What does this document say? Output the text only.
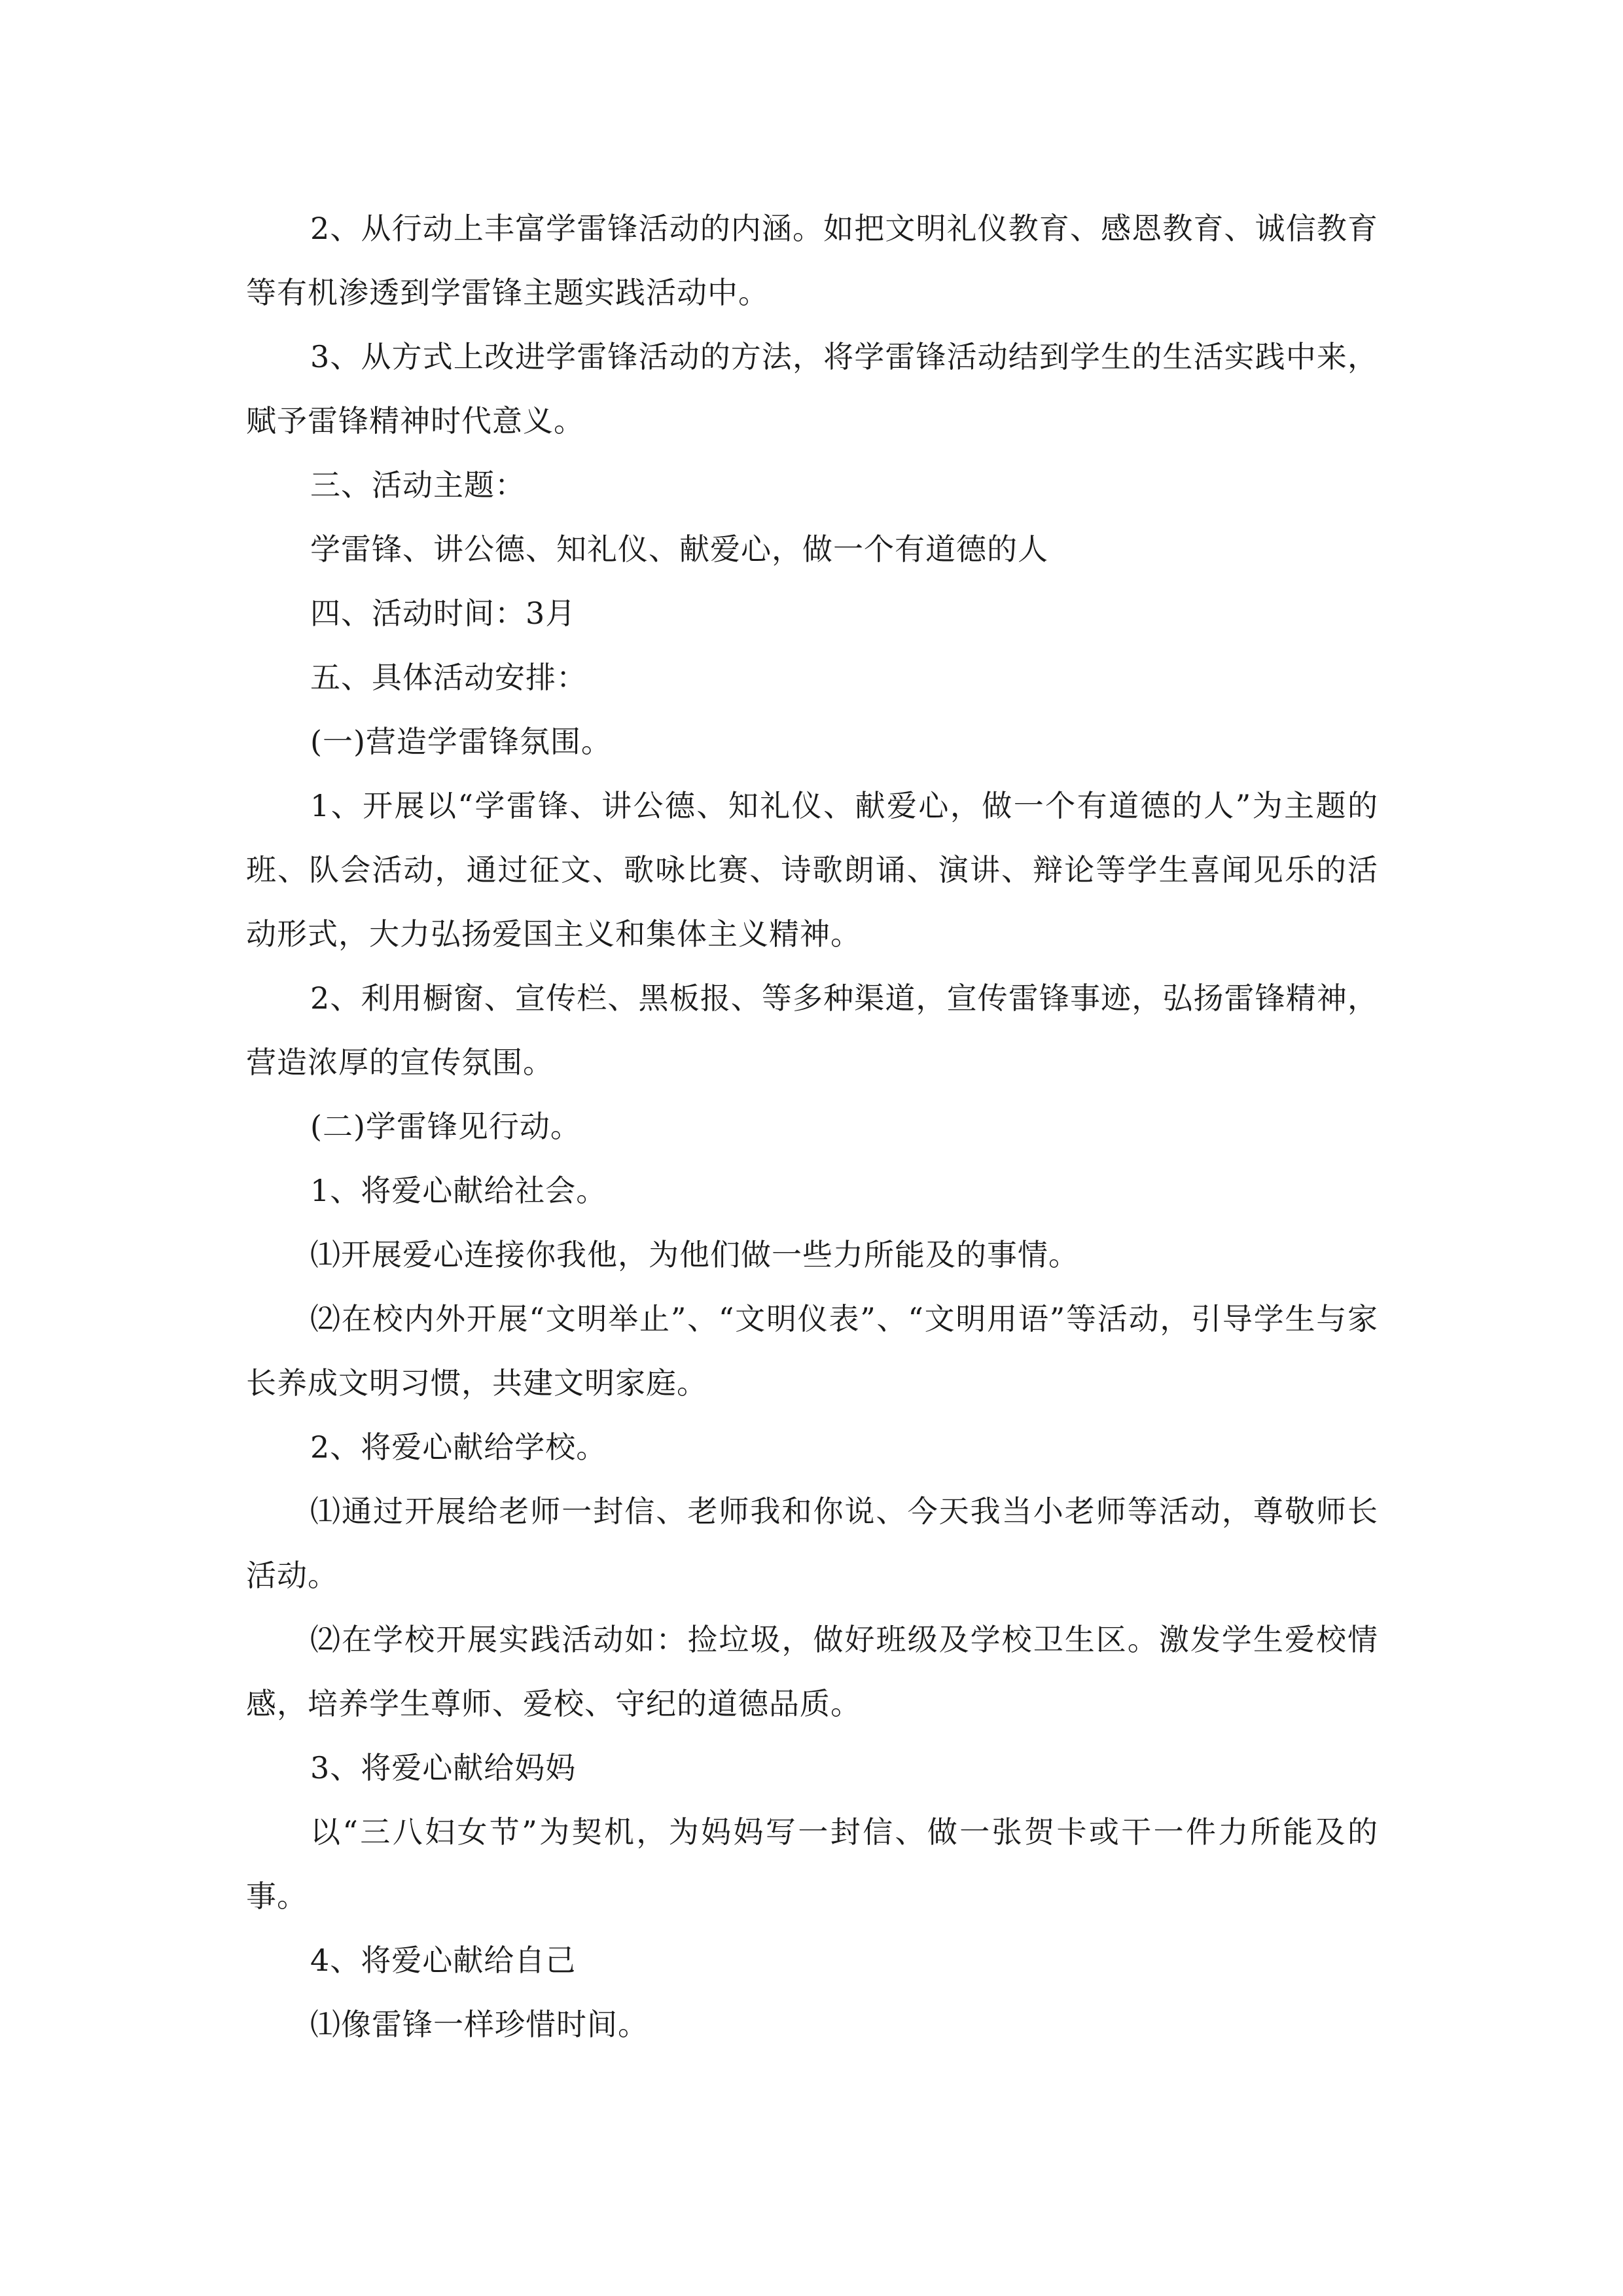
2、从行动上丰富学雷锋活动的内涵。如把文明礼仪教育、感恩教育、诚信教育等有机渗透到学雷锋主题实践活动中。

3、从方式上改进学雷锋活动的方法，将学雷锋活动结到学生的生活实践中来，赋予雷锋精神时代意义。

三、活动主题：

学雷锋、讲公德、知礼仪、献爱心，做一个有道德的人

四、活动时间：3月

五、具体活动安排：

(一)营造学雷锋氛围。

1、开展以“学雷锋、讲公德、知礼仪、献爱心，做一个有道德的人”为主题的班、队会活动，通过征文、歌咏比赛、诗歌朗诵、演讲、辩论等学生喜闻见乐的活动形式，大力弘扬爱国主义和集体主义精神。

2、利用橱窗、宣传栏、黑板报、等多种渠道，宣传雷锋事迹，弘扬雷锋精神，营造浓厚的宣传氛围。

(二)学雷锋见行动。

1、将爱心献给社会。

⑴开展爱心连接你我他，为他们做一些力所能及的事情。

⑵在校内外开展“文明举止”、“文明仪表”、“文明用语”等活动，引导学生与家长养成文明习惯，共建文明家庭。

2、将爱心献给学校。

⑴通过开展给老师一封信、老师我和你说、今天我当小老师等活动，尊敬师长活动。

⑵在学校开展实践活动如：捡垃圾，做好班级及学校卫生区。激发学生爱校情感，培养学生尊师、爱校、守纪的道德品质。

3、将爱心献给妈妈

以“三八妇女节”为契机，为妈妈写一封信、做一张贺卡或干一件力所能及的事。

4、将爱心献给自己

⑴像雷锋一样珍惜时间。
